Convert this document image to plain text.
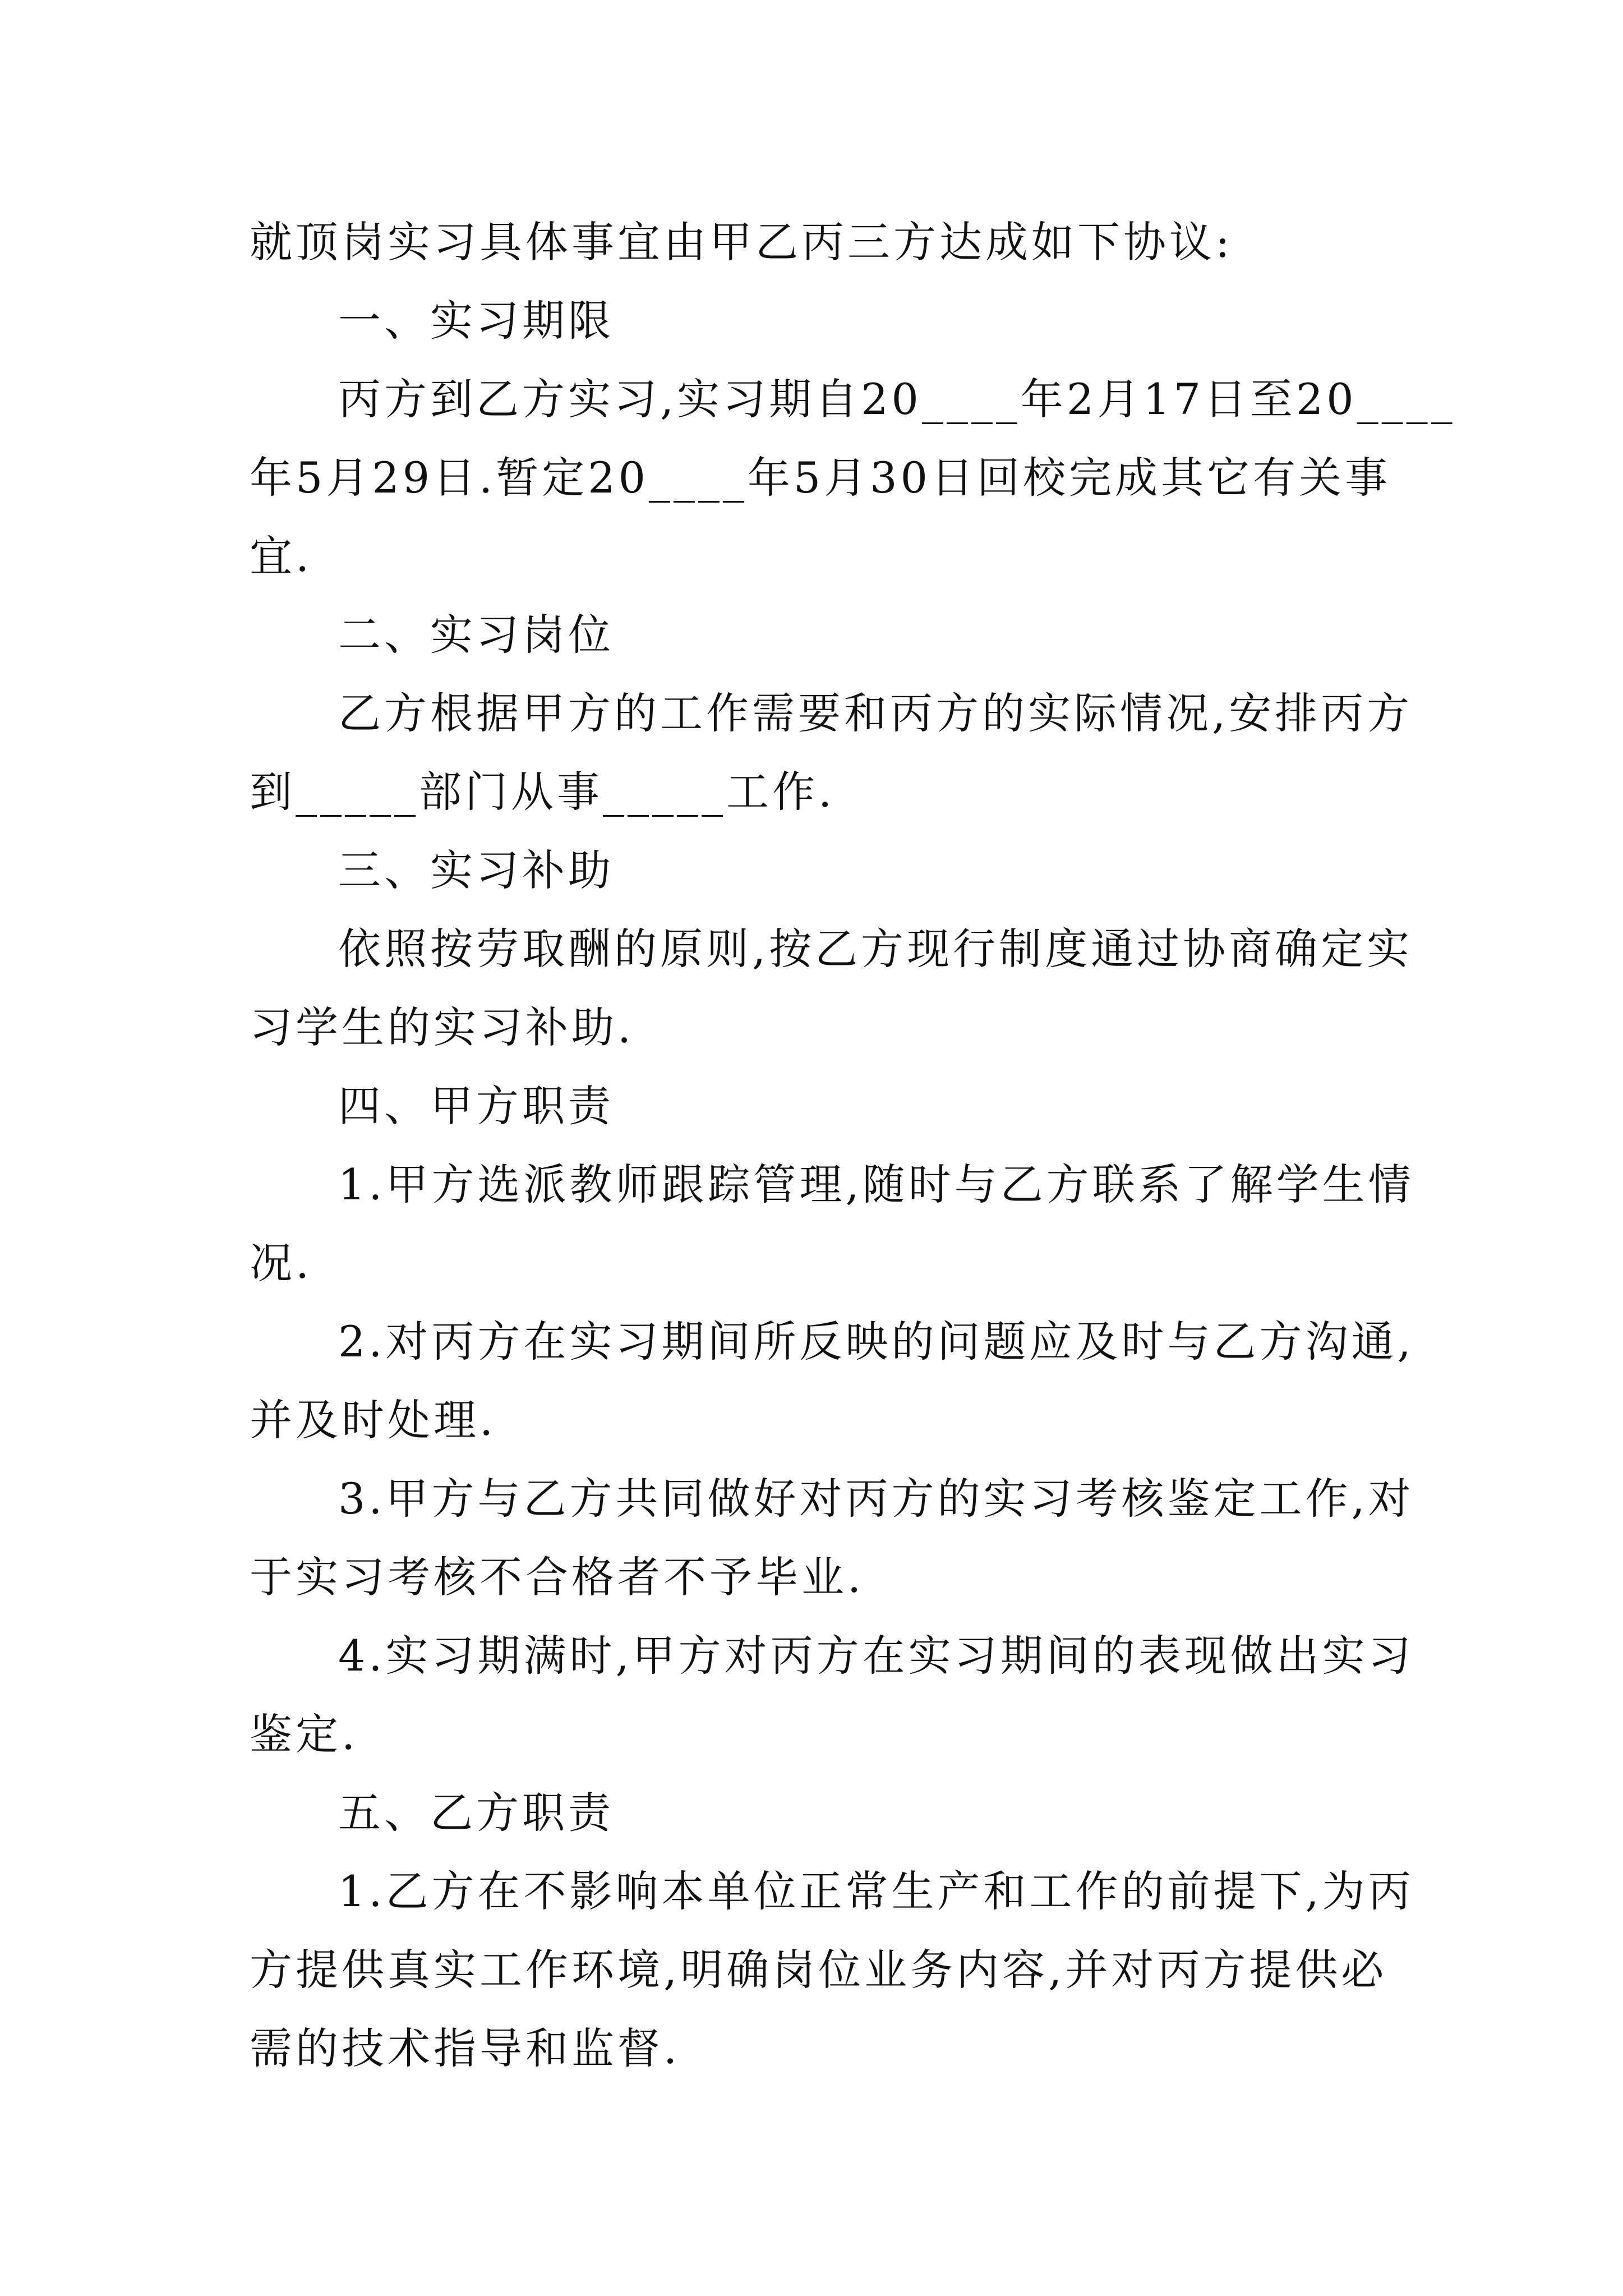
就顶岗实习具体事宜由甲乙丙三方达成如下协议:
一、实习期限
丙方到乙方实习,实习期自20____年2月17日至20____
年5月29日.暂定20____年5月30日回校完成其它有关事
宜.
二、实习岗位
乙方根据甲方的工作需要和丙方的实际情况,安排丙方
到_____部门从事_____工作.
三、实习补助
依照按劳取酬的原则,按乙方现行制度通过协商确定实
习学生的实习补助.
四、甲方职责
1.甲方选派教师跟踪管理,随时与乙方联系了解学生情
况.
2.对丙方在实习期间所反映的问题应及时与乙方沟通,
并及时处理.
3.甲方与乙方共同做好对丙方的实习考核鉴定工作,对
于实习考核不合格者不予毕业.
4.实习期满时,甲方对丙方在实习期间的表现做出实习
鉴定.
五、乙方职责
1.乙方在不影响本单位正常生产和工作的前提下,为丙
方提供真实工作环境,明确岗位业务内容,并对丙方提供必
需的技术指导和监督.
